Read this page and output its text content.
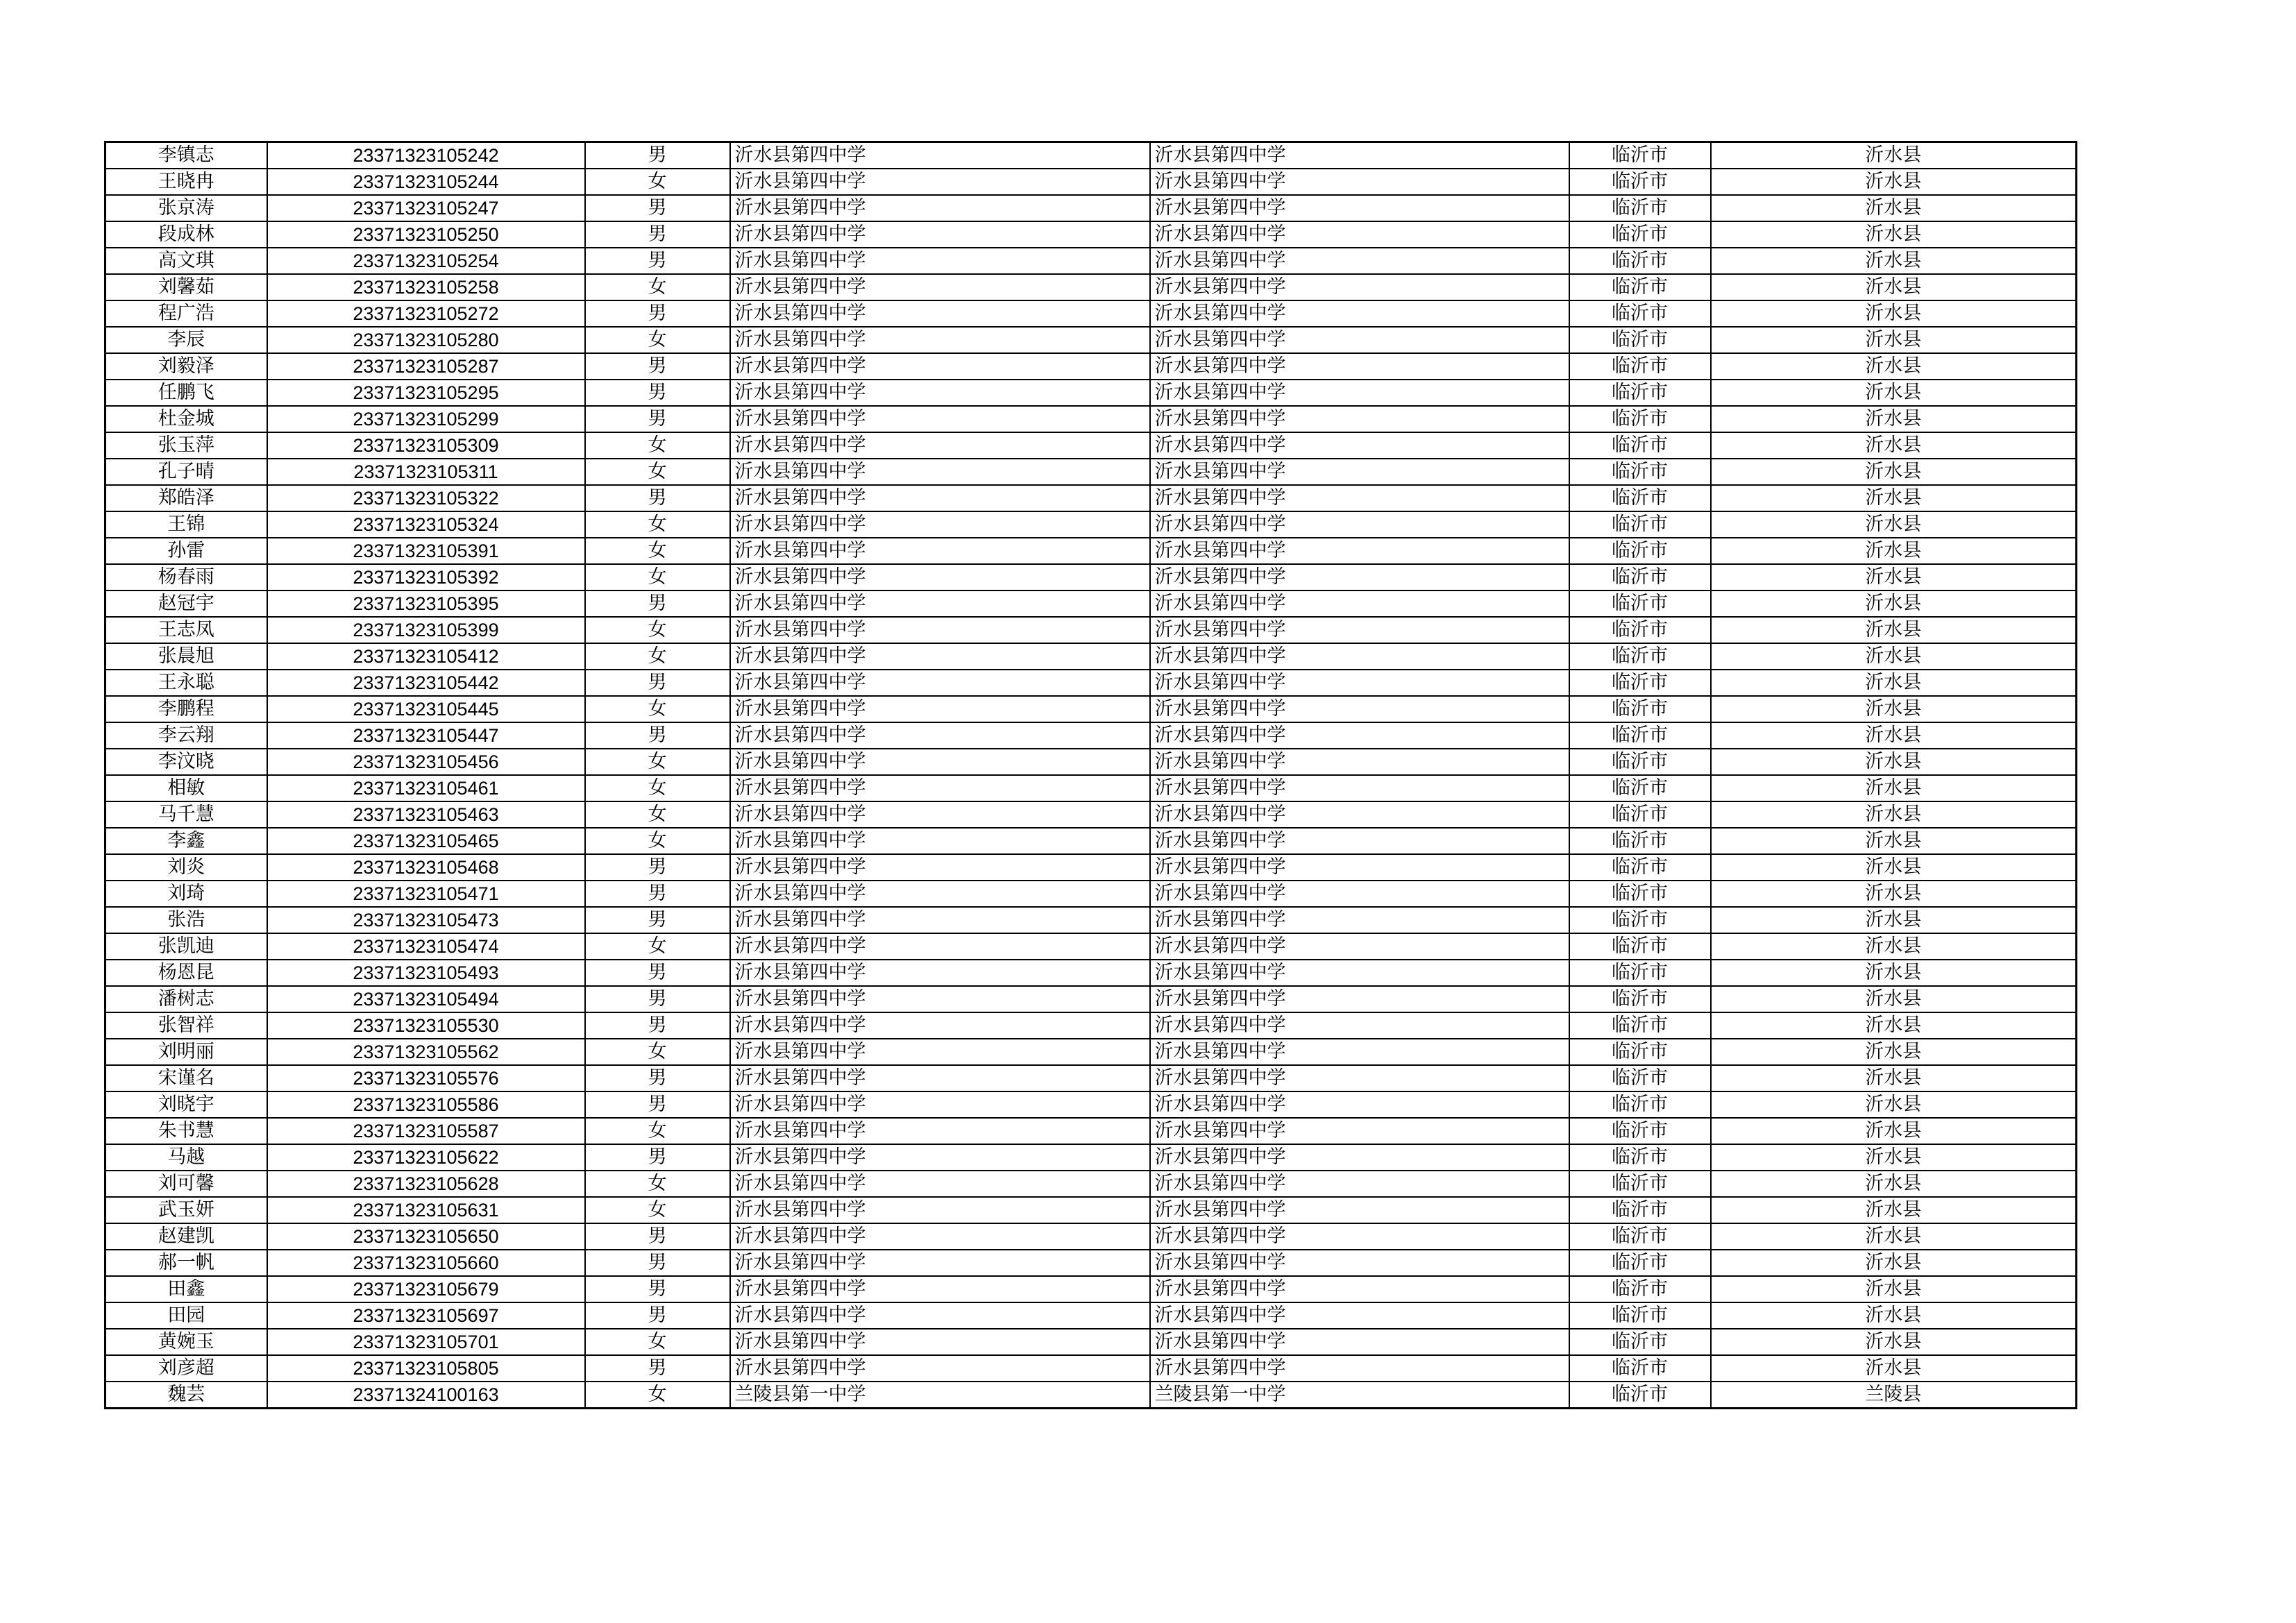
李镇志	23371323105242	男	沂水县第四中学	沂水县第四中学	临沂市	沂水县
王晓冉	23371323105244	女	沂水县第四中学	沂水县第四中学	临沂市	沂水县
张京涛	23371323105247	男	沂水县第四中学	沂水县第四中学	临沂市	沂水县
段成林	23371323105250	男	沂水县第四中学	沂水县第四中学	临沂市	沂水县
高文琪	23371323105254	男	沂水县第四中学	沂水县第四中学	临沂市	沂水县
刘馨茹	23371323105258	女	沂水县第四中学	沂水县第四中学	临沂市	沂水县
程广浩	23371323105272	男	沂水县第四中学	沂水县第四中学	临沂市	沂水县
李辰	23371323105280	女	沂水县第四中学	沂水县第四中学	临沂市	沂水县
刘毅泽	23371323105287	男	沂水县第四中学	沂水县第四中学	临沂市	沂水县
任鹏飞	23371323105295	男	沂水县第四中学	沂水县第四中学	临沂市	沂水县
杜金城	23371323105299	男	沂水县第四中学	沂水县第四中学	临沂市	沂水县
张玉萍	23371323105309	女	沂水县第四中学	沂水县第四中学	临沂市	沂水县
孔子晴	23371323105311	女	沂水县第四中学	沂水县第四中学	临沂市	沂水县
郑皓泽	23371323105322	男	沂水县第四中学	沂水县第四中学	临沂市	沂水县
王锦	23371323105324	女	沂水县第四中学	沂水县第四中学	临沂市	沂水县
孙雷	23371323105391	女	沂水县第四中学	沂水县第四中学	临沂市	沂水县
杨春雨	23371323105392	女	沂水县第四中学	沂水县第四中学	临沂市	沂水县
赵冠宇	23371323105395	男	沂水县第四中学	沂水县第四中学	临沂市	沂水县
王志凤	23371323105399	女	沂水县第四中学	沂水县第四中学	临沂市	沂水县
张晨旭	23371323105412	女	沂水县第四中学	沂水县第四中学	临沂市	沂水县
王永聪	23371323105442	男	沂水县第四中学	沂水县第四中学	临沂市	沂水县
李鹏程	23371323105445	女	沂水县第四中学	沂水县第四中学	临沂市	沂水县
李云翔	23371323105447	男	沂水县第四中学	沂水县第四中学	临沂市	沂水县
李汶晓	23371323105456	女	沂水县第四中学	沂水县第四中学	临沂市	沂水县
相敏	23371323105461	女	沂水县第四中学	沂水县第四中学	临沂市	沂水县
马千慧	23371323105463	女	沂水县第四中学	沂水县第四中学	临沂市	沂水县
李鑫	23371323105465	女	沂水县第四中学	沂水县第四中学	临沂市	沂水县
刘炎	23371323105468	男	沂水县第四中学	沂水县第四中学	临沂市	沂水县
刘琦	23371323105471	男	沂水县第四中学	沂水县第四中学	临沂市	沂水县
张浩	23371323105473	男	沂水县第四中学	沂水县第四中学	临沂市	沂水县
张凯迪	23371323105474	女	沂水县第四中学	沂水县第四中学	临沂市	沂水县
杨恩昆	23371323105493	男	沂水县第四中学	沂水县第四中学	临沂市	沂水县
潘树志	23371323105494	男	沂水县第四中学	沂水县第四中学	临沂市	沂水县
张智祥	23371323105530	男	沂水县第四中学	沂水县第四中学	临沂市	沂水县
刘明丽	23371323105562	女	沂水县第四中学	沂水县第四中学	临沂市	沂水县
宋谨名	23371323105576	男	沂水县第四中学	沂水县第四中学	临沂市	沂水县
刘晓宇	23371323105586	男	沂水县第四中学	沂水县第四中学	临沂市	沂水县
朱书慧	23371323105587	女	沂水县第四中学	沂水县第四中学	临沂市	沂水县
马越	23371323105622	男	沂水县第四中学	沂水县第四中学	临沂市	沂水县
刘可馨	23371323105628	女	沂水县第四中学	沂水县第四中学	临沂市	沂水县
武玉妍	23371323105631	女	沂水县第四中学	沂水县第四中学	临沂市	沂水县
赵建凯	23371323105650	男	沂水县第四中学	沂水县第四中学	临沂市	沂水县
郝一帆	23371323105660	男	沂水县第四中学	沂水县第四中学	临沂市	沂水县
田鑫	23371323105679	男	沂水县第四中学	沂水县第四中学	临沂市	沂水县
田园	23371323105697	男	沂水县第四中学	沂水县第四中学	临沂市	沂水县
黄婉玉	23371323105701	女	沂水县第四中学	沂水县第四中学	临沂市	沂水县
刘彦超	23371323105805	男	沂水县第四中学	沂水县第四中学	临沂市	沂水县
魏芸	23371324100163	女	兰陵县第一中学	兰陵县第一中学	临沂市	兰陵县
